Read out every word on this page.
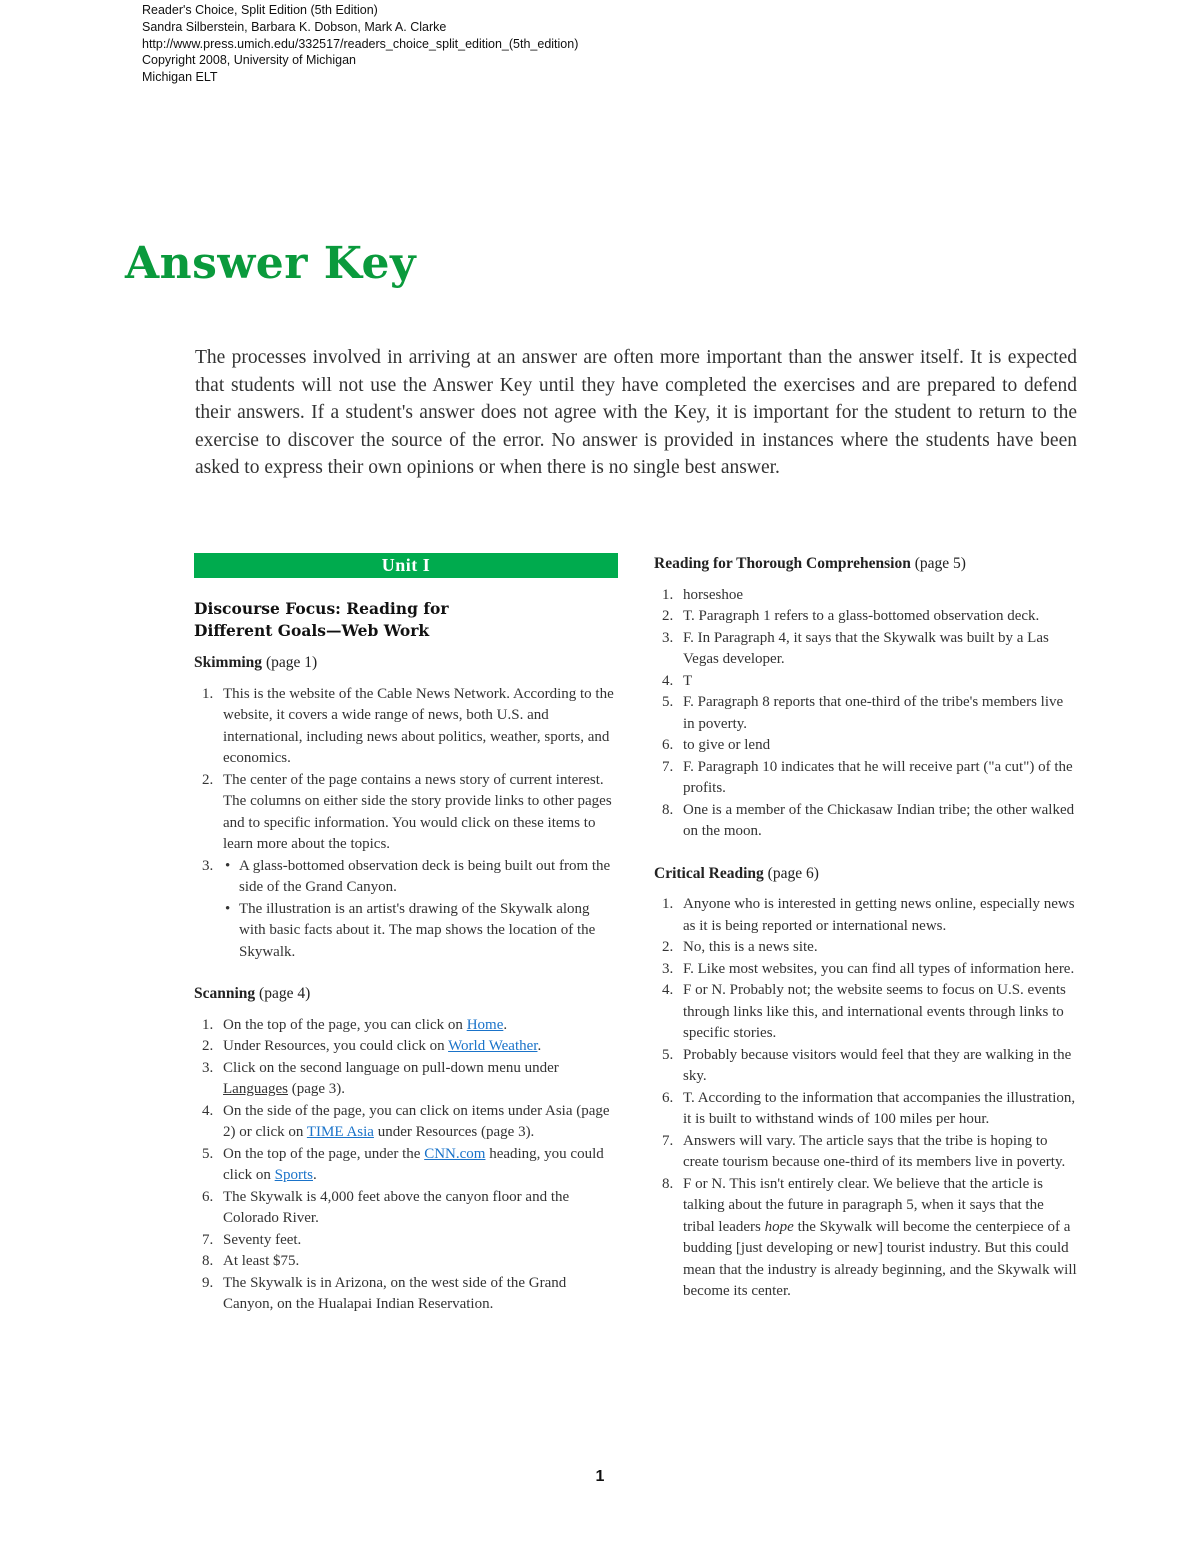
Reader's Choice, Split Edition (5th Edition)
Sandra Silberstein, Barbara K. Dobson, Mark A. Clarke
http://www.press.umich.edu/332517/readers_choice_split_edition_(5th_edition)
Copyright 2008, University of Michigan
Michigan ELT
Answer Key

The processes involved in arriving at an answer are often more important than the answer itself. It is expected that students will not use the Answer Key until they have completed the exercises and are prepared to defend their answers. If a student's answer does not agree with the Key, it is important for the student to return to the exercise to discover the source of the error. No answer is provided in instances where the students have been asked to express their own opinions or when there is no single best answer.

Unit I
Discourse Focus: Reading for
Different Goals—Web Work
Skimming (page 1)
1. This is the website of the Cable News Network. According to the website, it covers a wide range of news, both U.S. and international, including news about politics, weather, sports, and economics.
2. The center of the page contains a news story of current interest. The columns on either side the story provide links to other pages and to specific information. You would click on these items to learn more about the topics.
3. • A glass-bottomed observation deck is being built out from the side of the Grand Canyon.
• The illustration is an artist's drawing of the Skywalk along with basic facts about it. The map shows the location of the Skywalk.
Scanning (page 4)
1. On the top of the page, you can click on Home.
2. Under Resources, you could click on World Weather.
3. Click on the second language on pull-down menu under Languages (page 3).
4. On the side of the page, you can click on items under Asia (page 2) or click on TIME Asia under Resources (page 3).
5. On the top of the page, under the CNN.com heading, you could click on Sports.
6. The Skywalk is 4,000 feet above the canyon floor and the Colorado River.
7. Seventy feet.
8. At least $75.
9. The Skywalk is in Arizona, on the west side of the Grand Canyon, on the Hualapai Indian Reservation.
Reading for Thorough Comprehension (page 5)
1. horseshoe
2. T. Paragraph 1 refers to a glass-bottomed observation deck.
3. F. In Paragraph 4, it says that the Skywalk was built by a Las Vegas developer.
4. T
5. F. Paragraph 8 reports that one-third of the tribe's members live in poverty.
6. to give or lend
7. F. Paragraph 10 indicates that he will receive part ("a cut") of the profits.
8. One is a member of the Chickasaw Indian tribe; the other walked on the moon.
Critical Reading (page 6)
1. Anyone who is interested in getting news online, especially news as it is being reported or international news.
2. No, this is a news site.
3. F. Like most websites, you can find all types of information here.
4. F or N. Probably not; the website seems to focus on U.S. events through links like this, and international events through links to specific stories.
5. Probably because visitors would feel that they are walking in the sky.
6. T. According to the information that accompanies the illustration, it is built to withstand winds of 100 miles per hour.
7. Answers will vary. The article says that the tribe is hoping to create tourism because one-third of its members live in poverty.
8. F or N. This isn't entirely clear. We believe that the article is talking about the future in paragraph 5, when it says that the tribal leaders hope the Skywalk will become the centerpiece of a budding [just developing or new] tourist industry. But this could mean that the industry is already beginning, and the Skywalk will become its center.
1
